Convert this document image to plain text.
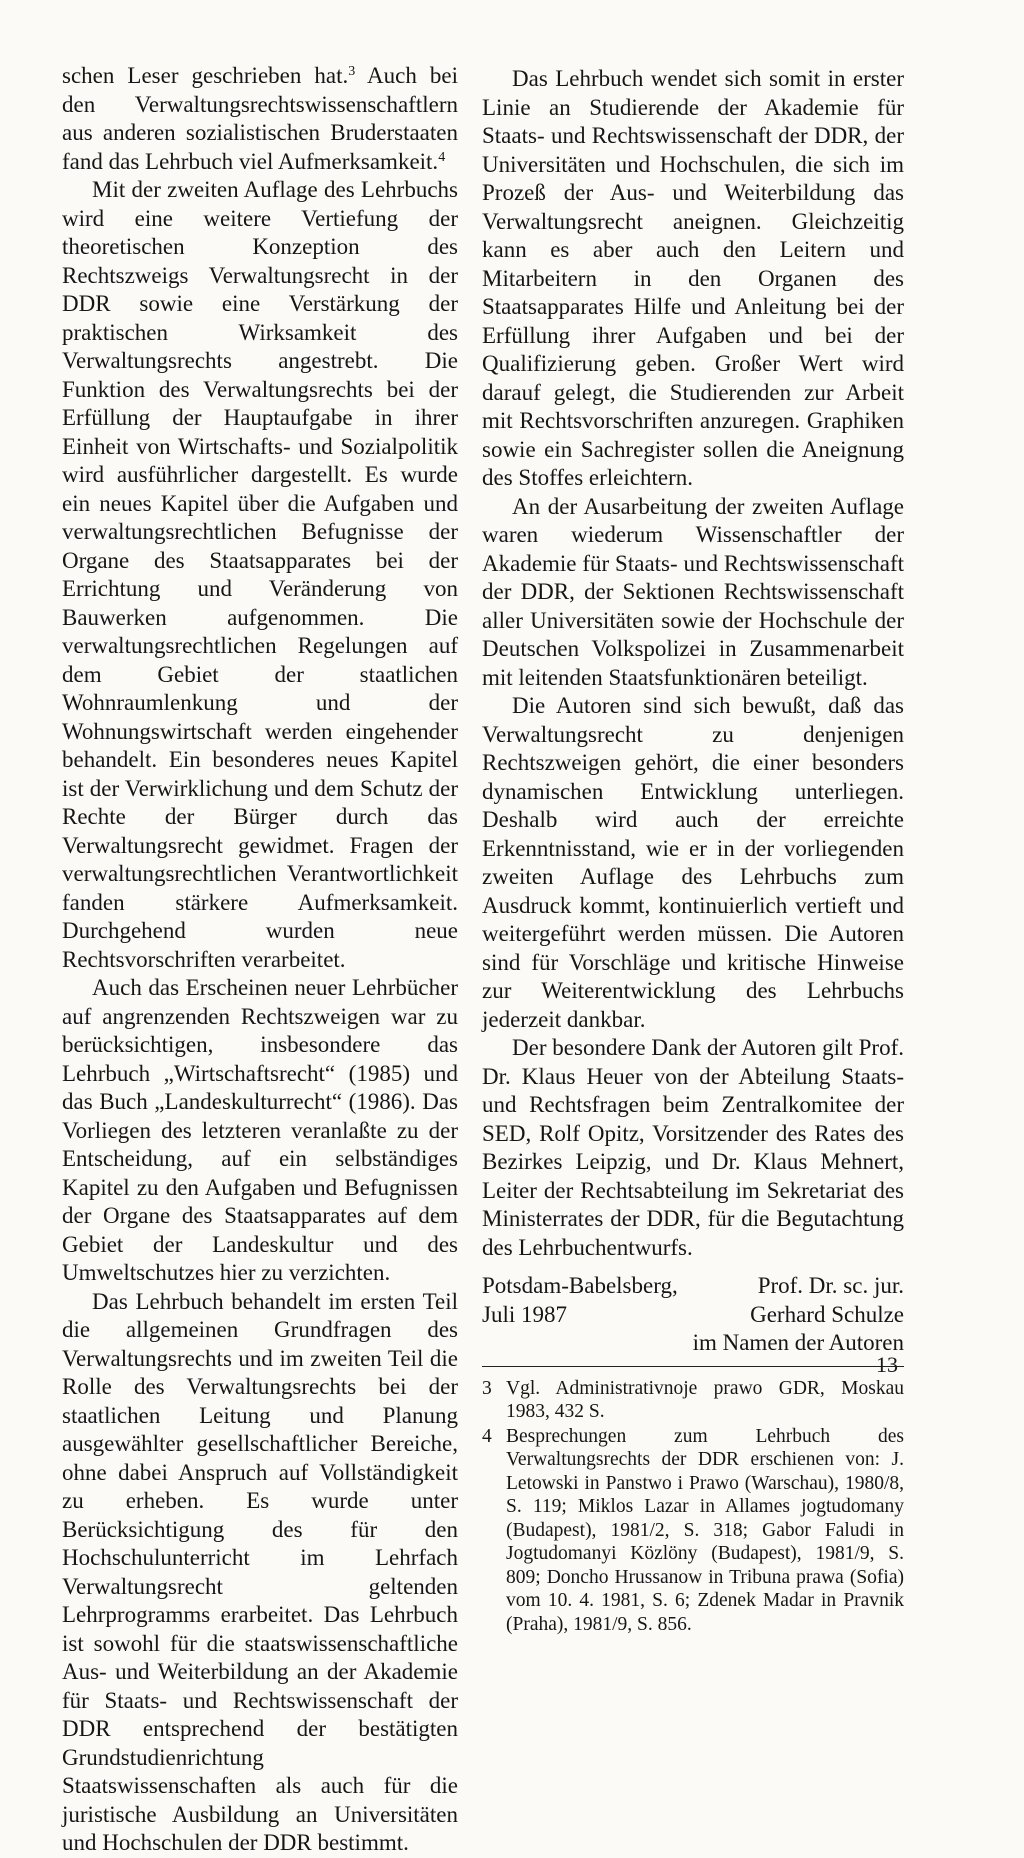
schen Leser geschrieben hat.$^3$ Auch bei den Verwaltungsrechtswissenschaftlern aus anderen sozialistischen Bruderstaaten fand das Lehrbuch viel Aufmerksamkeit.$^4$

Mit der zweiten Auflage des Lehrbuchs wird eine weitere Vertiefung der theoretischen Konzeption des Rechtszweigs Verwaltungsrecht in der DDR sowie eine Verstärkung der praktischen Wirksamkeit des Verwaltungsrechts angestrebt. Die Funktion des Verwaltungsrechts bei der Erfüllung der Hauptaufgabe in ihrer Einheit von Wirtschafts- und Sozialpolitik wird ausführlicher dargestellt. Es wurde ein neues Kapitel über die Aufgaben und verwaltungsrechtlichen Befugnisse der Organe des Staatsapparates bei der Errichtung und Veränderung von Bauwerken aufgenommen. Die verwaltungsrechtlichen Regelungen auf dem Gebiet der staatlichen Wohnraumlenkung und der Wohnungswirtschaft werden eingehender behandelt. Ein besonderes neues Kapitel ist der Verwirklichung und dem Schutz der Rechte der Bürger durch das Verwaltungsrecht gewidmet. Fragen der verwaltungsrechtlichen Verantwortlichkeit fanden stärkere Aufmerksamkeit. Durchgehend wurden neue Rechtsvorschriften verarbeitet.

Auch das Erscheinen neuer Lehrbücher auf angrenzenden Rechtszweigen war zu berücksichtigen, insbesondere das Lehrbuch „Wirtschaftsrecht“ (1985) und das Buch „Landeskulturrecht“ (1986). Das Vorliegen des letzteren veranlaßte zu der Entscheidung, auf ein selbständiges Kapitel zu den Aufgaben und Befugnissen der Organe des Staatsapparates auf dem Gebiet der Landeskultur und des Umweltschutzes hier zu verzichten.

Das Lehrbuch behandelt im ersten Teil die allgemeinen Grundfragen des Verwaltungsrechts und im zweiten Teil die Rolle des Verwaltungsrechts bei der staatlichen Leitung und Planung ausgewählter gesellschaftlicher Bereiche, ohne dabei Anspruch auf Vollständigkeit zu erheben. Es wurde unter Berücksichtigung des für den Hochschulunterricht im Lehrfach Verwaltungsrecht geltenden Lehrprogramms erarbeitet. Das Lehrbuch ist sowohl für die staatswissenschaftliche Aus- und Weiterbildung an der Akademie für Staats- und Rechtswissenschaft der DDR entsprechend der bestätigten Grundstudienrichtung Staatswissenschaften als auch für die juristische Ausbildung an Universitäten und Hochschulen der DDR bestimmt.

Das Lehrbuch wendet sich somit in erster Linie an Studierende der Akademie für Staats- und Rechtswissenschaft der DDR, der Universitäten und Hochschulen, die sich im Prozeß der Aus- und Weiterbildung das Verwaltungsrecht aneignen. Gleichzeitig kann es aber auch den Leitern und Mitarbeitern in den Organen des Staatsapparates Hilfe und Anleitung bei der Erfüllung ihrer Aufgaben und bei der Qualifizierung geben. Großer Wert wird darauf gelegt, die Studierenden zur Arbeit mit Rechtsvorschriften anzuregen. Graphiken sowie ein Sachregister sollen die Aneignung des Stoffes erleichtern.

An der Ausarbeitung der zweiten Auflage waren wiederum Wissenschaftler der Akademie für Staats- und Rechtswissenschaft der DDR, der Sektionen Rechtswissenschaft aller Universitäten sowie der Hochschule der Deutschen Volkspolizei in Zusammenarbeit mit leitenden Staatsfunktionären beteiligt.

Die Autoren sind sich bewußt, daß das Verwaltungsrecht zu denjenigen Rechtszweigen gehört, die einer besonders dynamischen Entwicklung unterliegen. Deshalb wird auch der erreichte Erkenntnisstand, wie er in der vorliegenden zweiten Auflage des Lehrbuchs zum Ausdruck kommt, kontinuierlich vertieft und weitergeführt werden müssen. Die Autoren sind für Vorschläge und kritische Hinweise zur Weiterentwicklung des Lehrbuchs jederzeit dankbar.

Der besondere Dank der Autoren gilt Prof. Dr. Klaus Heuer von der Abteilung Staats- und Rechtsfragen beim Zentralkomitee der SED, Rolf Opitz, Vorsitzender des Rates des Bezirkes Leipzig, und Dr. Klaus Mehnert, Leiter der Rechtsabteilung im Sekretariat des Ministerrates der DDR, für die Begutachtung des Lehrbuchentwurfs.

Potsdam-Babelsberg,
Juli 1987
Prof. Dr. sc. jur.
Gerhard Schulze
im Namen der Autoren
3 Vgl. Administrativnoje prawo GDR, Moskau 1983, 432 S.
4 Besprechungen zum Lehrbuch des Verwaltungsrechts der DDR erschienen von: J. Letowski in Panstwo i Prawo (Warschau), 1980/8, S. 119; Miklos Lazar in Allames jogtudomany (Budapest), 1981/2, S. 318; Gabor Faludi in Jogtudomanyi Közlöny (Budapest), 1981/9, S. 809; Doncho Hrussanow in Tribuna prawa (Sofia) vom 10. 4. 1981, S. 6; Zdenek Madar in Pravnik (Praha), 1981/9, S. 856.
13
